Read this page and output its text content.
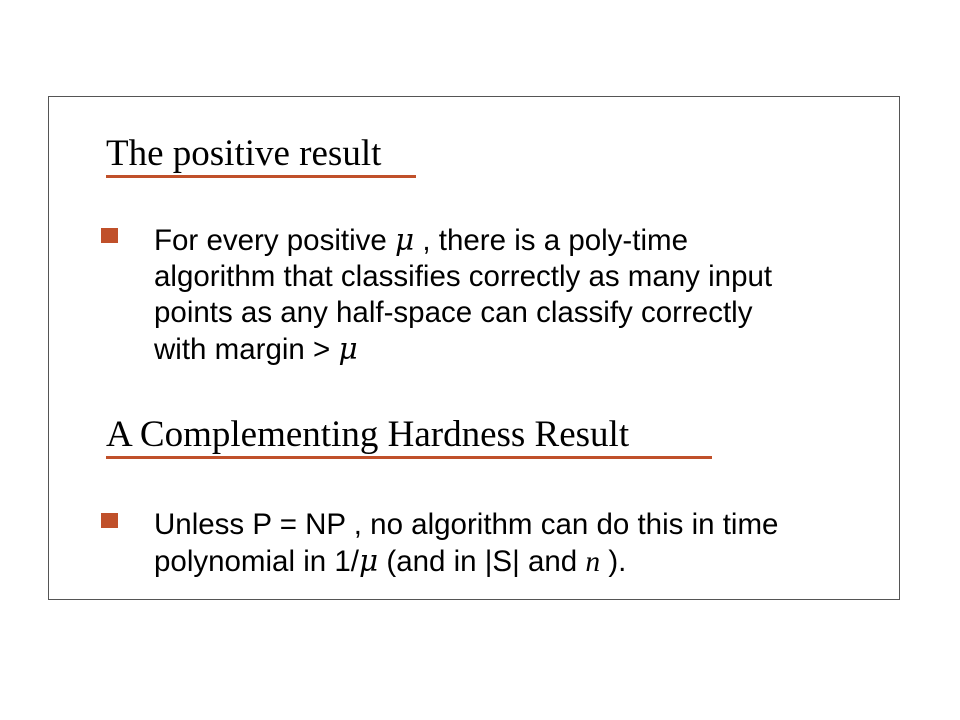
The positive result
For every positive μ , there is a poly-time
algorithm that classifies correctly as many input
points as any half-space can classify correctly
with margin > μ
A Complementing Hardness Result
Unless P = NP , no algorithm can do this in time
polynomial in 1/μ (and in |S| and n ).
